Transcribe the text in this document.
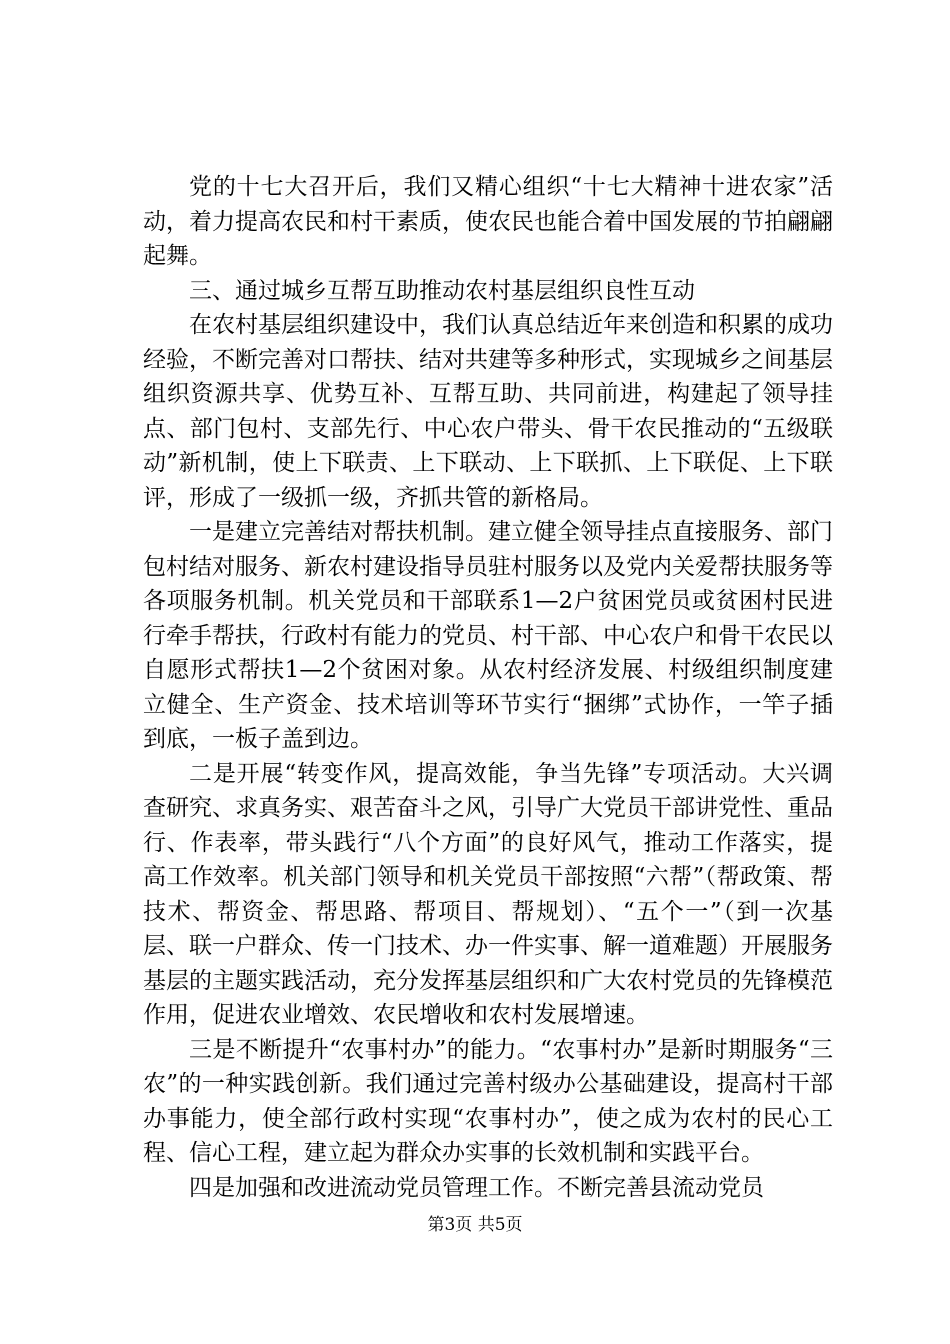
党的十七大召开后，我们又精心组织“十七大精神十进农家”活动，着力提高农民和村干素质，使农民也能合着中国发展的节拍翩翩起舞。

三、通过城乡互帮互助推动农村基层组织良性互动

在农村基层组织建设中，我们认真总结近年来创造和积累的成功经验，不断完善对口帮扶、结对共建等多种形式，实现城乡之间基层组织资源共享、优势互补、互帮互助、共同前进，构建起了领导挂点、部门包村、支部先行、中心农户带头、骨干农民推动的“五级联动”新机制，使上下联责、上下联动、上下联抓、上下联促、上下联评，形成了一级抓一级，齐抓共管的新格局。

一是建立完善结对帮扶机制。建立健全领导挂点直接服务、部门包村结对服务、新农村建设指导员驻村服务以及党内关爱帮扶服务等各项服务机制。机关党员和干部联系1—2户贫困党员或贫困村民进行牵手帮扶，行政村有能力的党员、村干部、中心农户和骨干农民以自愿形式帮扶1—2个贫困对象。从农村经济发展、村级组织制度建立健全、生产资金、技术培训等环节实行“捆绑”式协作，一竿子插到底，一板子盖到边。

二是开展“转变作风，提高效能，争当先锋”专项活动。大兴调查研究、求真务实、艰苦奋斗之风，引导广大党员干部讲党性、重品行、作表率，带头践行“八个方面”的良好风气，推动工作落实，提高工作效率。机关部门领导和机关党员干部按照“六帮”（帮政策、帮技术、帮资金、帮思路、帮项目、帮规划）、“五个一”（到一次基层、联一户群众、传一门技术、办一件实事、解一道难题）开展服务基层的主题实践活动，充分发挥基层组织和广大农村党员的先锋模范作用，促进农业增效、农民增收和农村发展增速。

三是不断提升“农事村办”的能力。“农事村办”是新时期服务“三农”的一种实践创新。我们通过完善村级办公基础建设，提高村干部办事能力，使全部行政村实现“农事村办”，使之成为农村的民心工程、信心工程，建立起为群众办实事的长效机制和实践平台。

四是加强和改进流动党员管理工作。不断完善县流动党员

第3页 共5页
